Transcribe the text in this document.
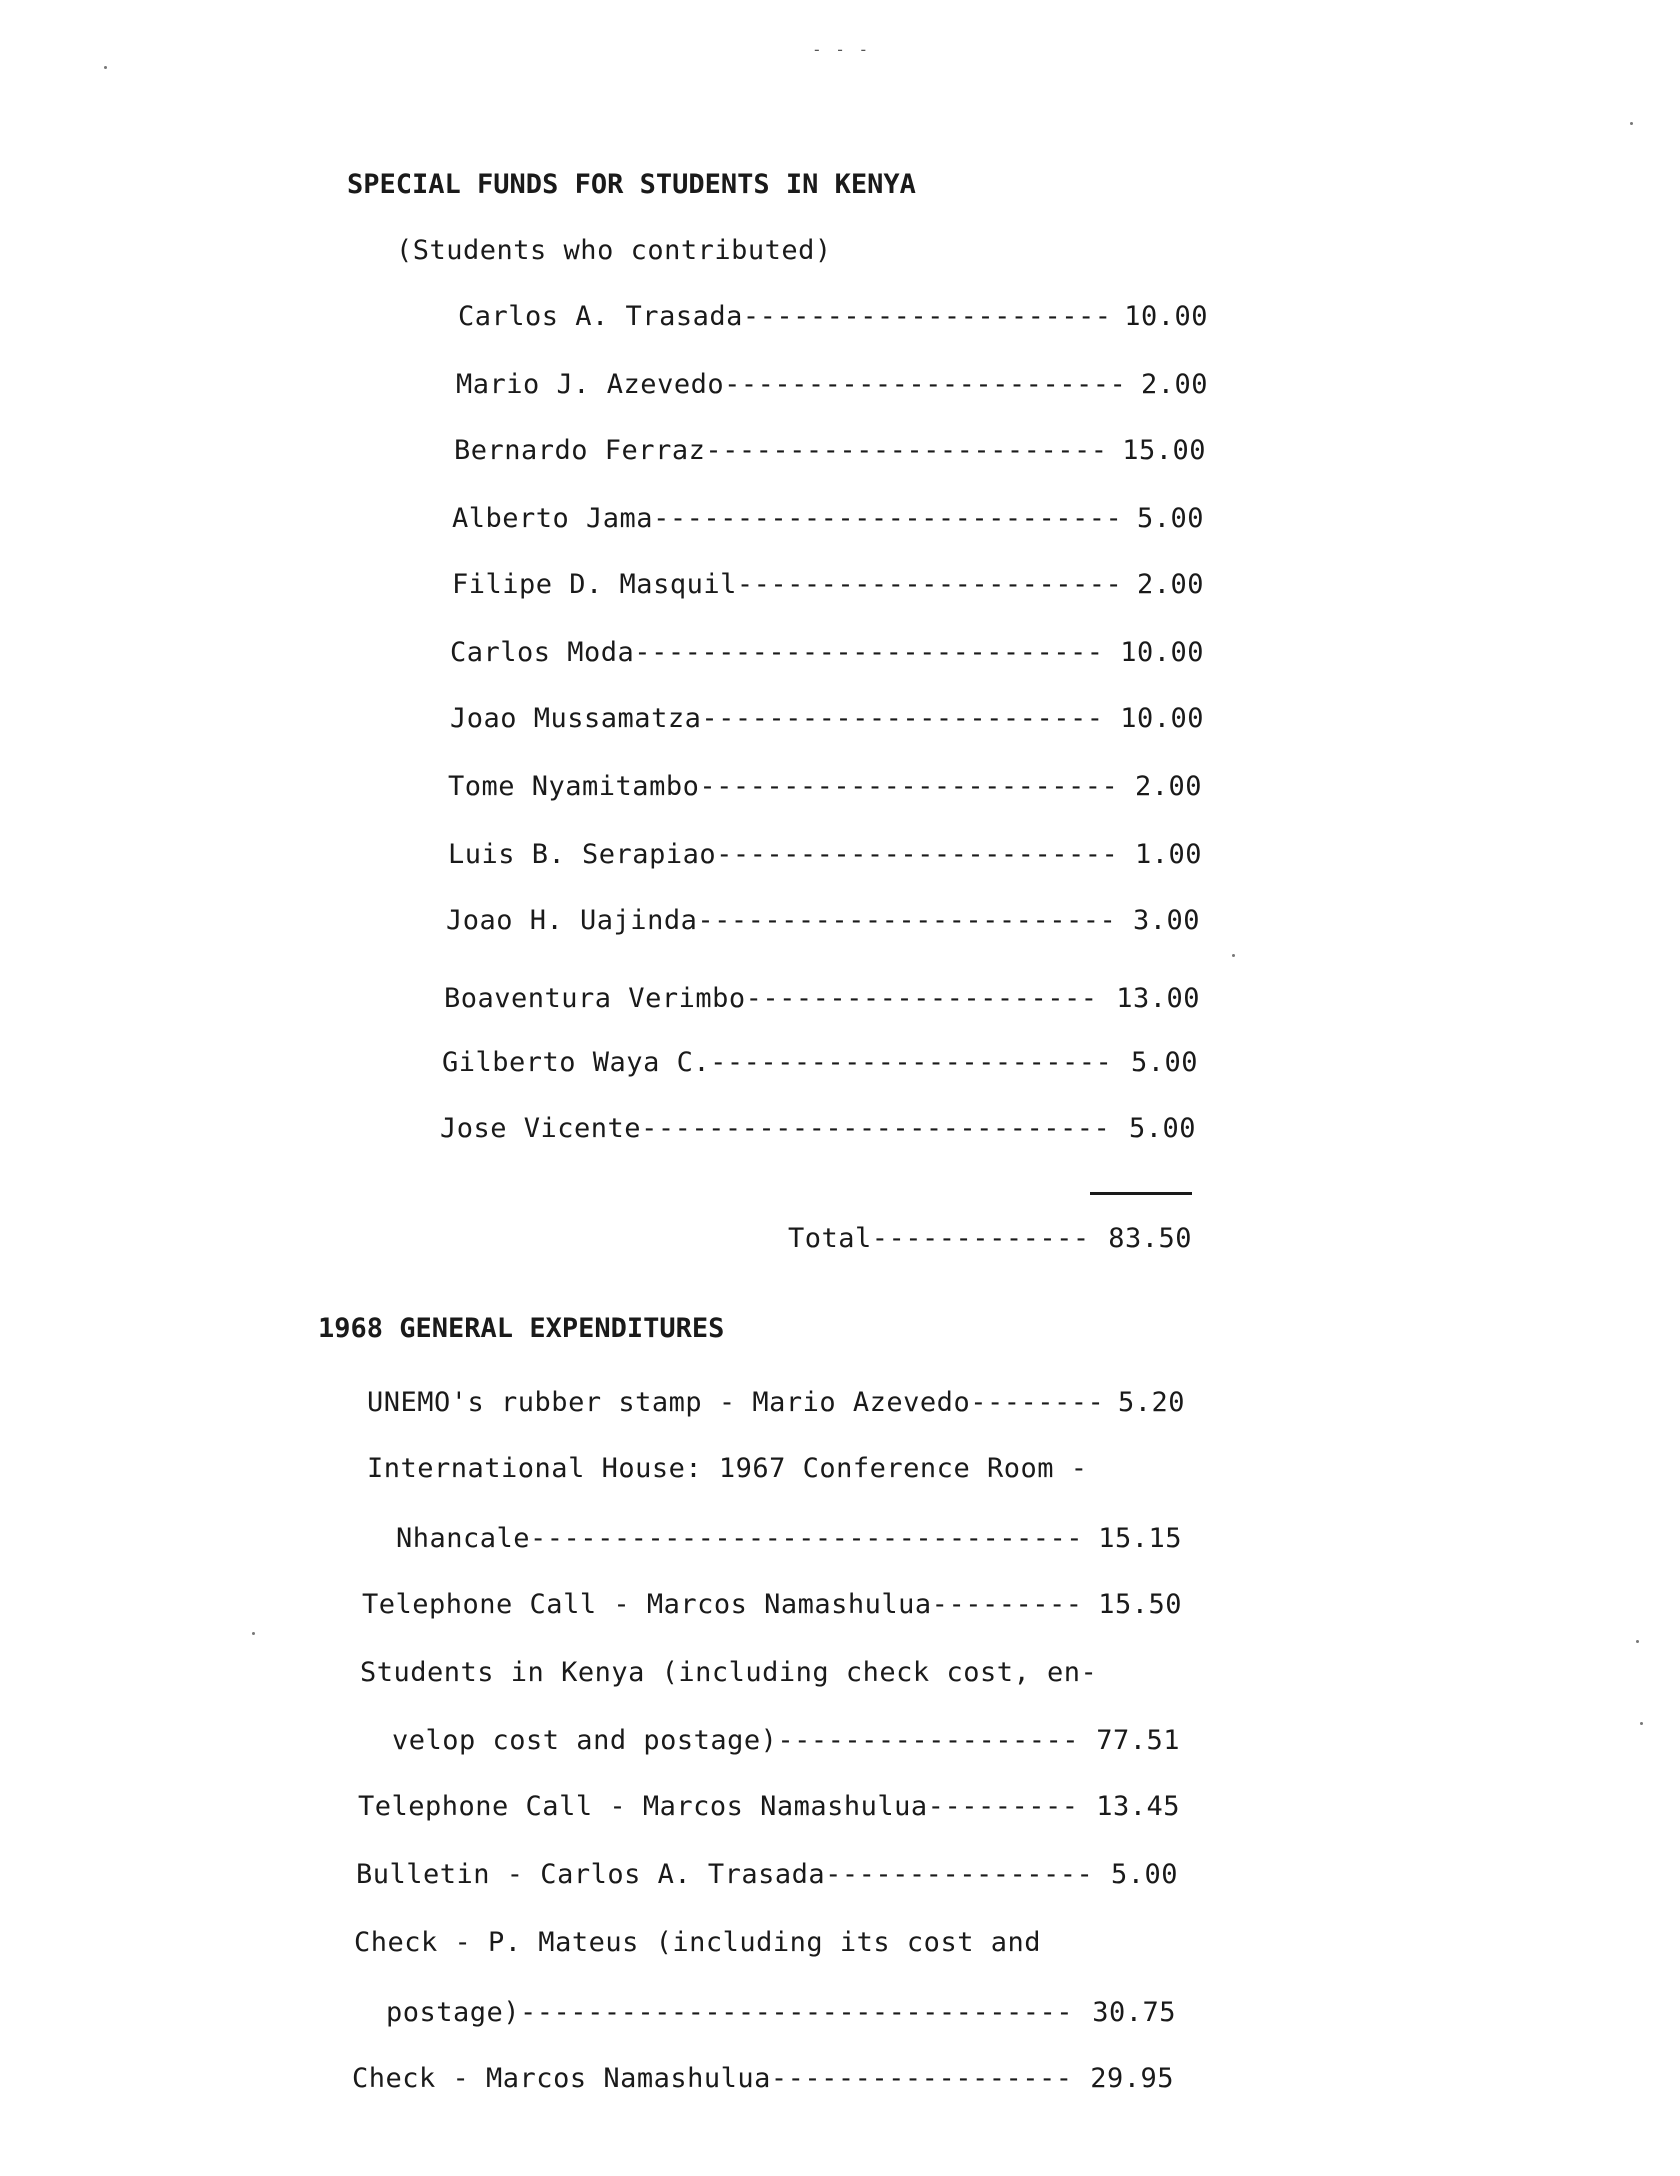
- - -
SPECIAL FUNDS FOR STUDENTS IN KENYA
(Students who contributed)
Carlos A. Trasada---------------------- 10.00
Mario J. Azevedo------------------------ 2.00
Bernardo Ferraz------------------------ 15.00
Alberto Jama---------------------------- 5.00
Filipe D. Masquil----------------------- 2.00
Carlos Moda---------------------------- 10.00
Joao Mussamatza------------------------ 10.00
Tome Nyamitambo------------------------- 2.00
Luis B. Serapiao------------------------ 1.00
Joao H. Uajinda------------------------- 3.00
Boaventura Verimbo--------------------- 13.00
Gilberto Waya C.------------------------ 5.00
Jose Vicente---------------------------- 5.00
Total------------- 83.50
1968 GENERAL EXPENDITURES
UNEMO's rubber stamp - Mario Azevedo-------- 5.20
International House: 1967 Conference Room -
Nhancale--------------------------------- 15.15
Telephone Call - Marcos Namashulua--------- 15.50
Students in Kenya (including check cost, en-
velop cost and postage)------------------ 77.51
Telephone Call - Marcos Namashulua--------- 13.45
Bulletin - Carlos A. Trasada---------------- 5.00
Check - P. Mateus (including its cost and
postage)--------------------------------- 30.75
Check - Marcos Namashulua------------------ 29.95
